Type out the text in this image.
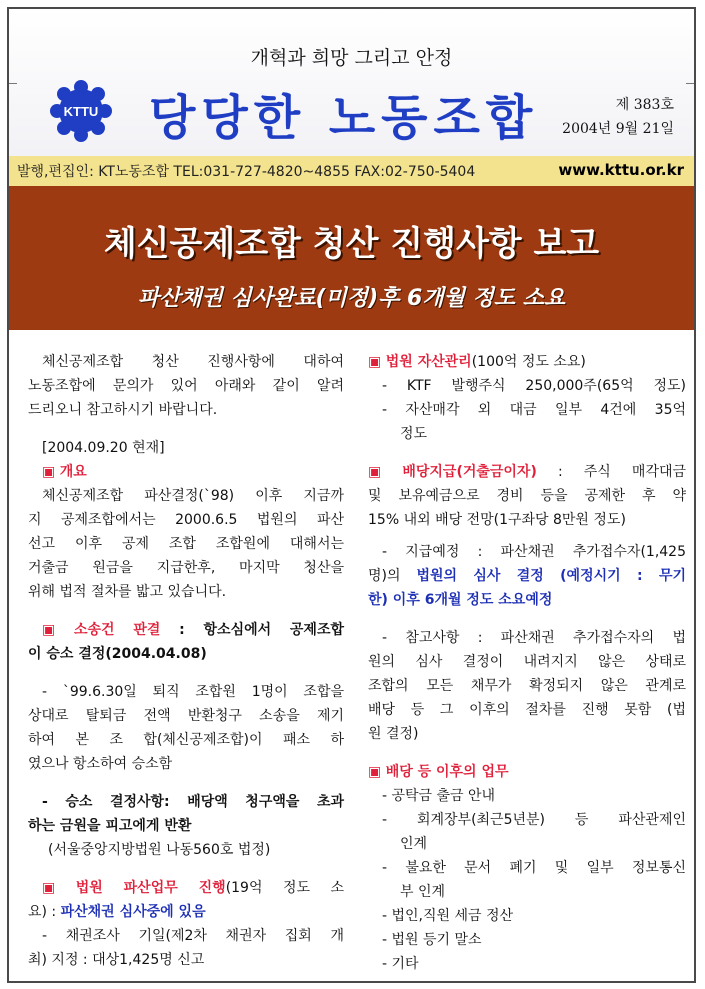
개혁과 희망 그리고 안정
KTTU 당당한 노동조합	제 383호
2004년 9월 21일
발행,편집인: KT노동조합 TEL:031-727-4820~4855 FAX:02-750-5404	www.kttu.or.kr
체신공제조합 청산 진행사항 보고
파산채권 심사완료(미정)후 6개월 정도 소요

체신공제조합 청산 진행사항에 대하여

노동조합에 문의가 있어 아래와 같이 알려

드리오니 참고하시기 바랍니다.

[2004.09.20 현재]

▣ 개요

체신공제조합 파산결정(`98) 이후 지금까

지 공제조합에서는 2000.6.5 법원의 파산

선고 이후 공제 조합 조합원에 대해서는

거출금 원금을 지급한후, 마지막 청산을

위해 법적 절차를 밟고 있습니다.

▣ 소송건 판결 : 항소심에서 공제조합

이 승소 결정(2004.04.08)

- `99.6.30일 퇴직 조합원 1명이 조합을

상대로 탈퇴금 전액 반환청구 소송을 제기

하여 본 조 합(체신공제조합)이 패소 하

였으나 항소하여 승소함

- 승소 결정사항: 배당액 청구액을 초과

하는 금원을 피고에게 반환

(서울중앙지방법원 나동560호 법정)

▣ 법원 파산업무 진행(19억 정도 소

요) : 파산채권 심사중에 있음

- 채권조사 기일(제2차 채권자 집회 개

최) 지정 : 대상1,425명 신고

▣ 법원 자산관리(100억 정도 소요)

- KTF 발행주식 250,000주(65억 정도)

- 자산매각 외 대금 일부 4건에 35억

정도

▣ 배당지급(거출금이자) : 주식 매각대금

및 보유예금으로 경비 등을 공제한 후 약

15% 내외 배당 전망(1구좌당 8만원 정도)

- 지급예정 : 파산채권 추가접수자(1,425

명)의 법원의 심사 결정 (예정시기 : 무기

한) 이후 6개월 정도 소요예정

- 참고사항 : 파산채권 추가접수자의 법

원의 심사 결정이 내려지지 않은 상태로

조합의 모든 채무가 확정되지 않은 관계로

배당 등 그 이후의 절차를 진행 못함 (법

원 결정)

▣ 배당 등 이후의 업무

- 공탁금 출금 안내

- 회계장부(최근5년분) 등 파산관제인

인계

- 불요한 문서 폐기 및 일부 정보통신

부 인계

- 법인,직원 세금 정산

- 법원 등기 말소

- 기타
